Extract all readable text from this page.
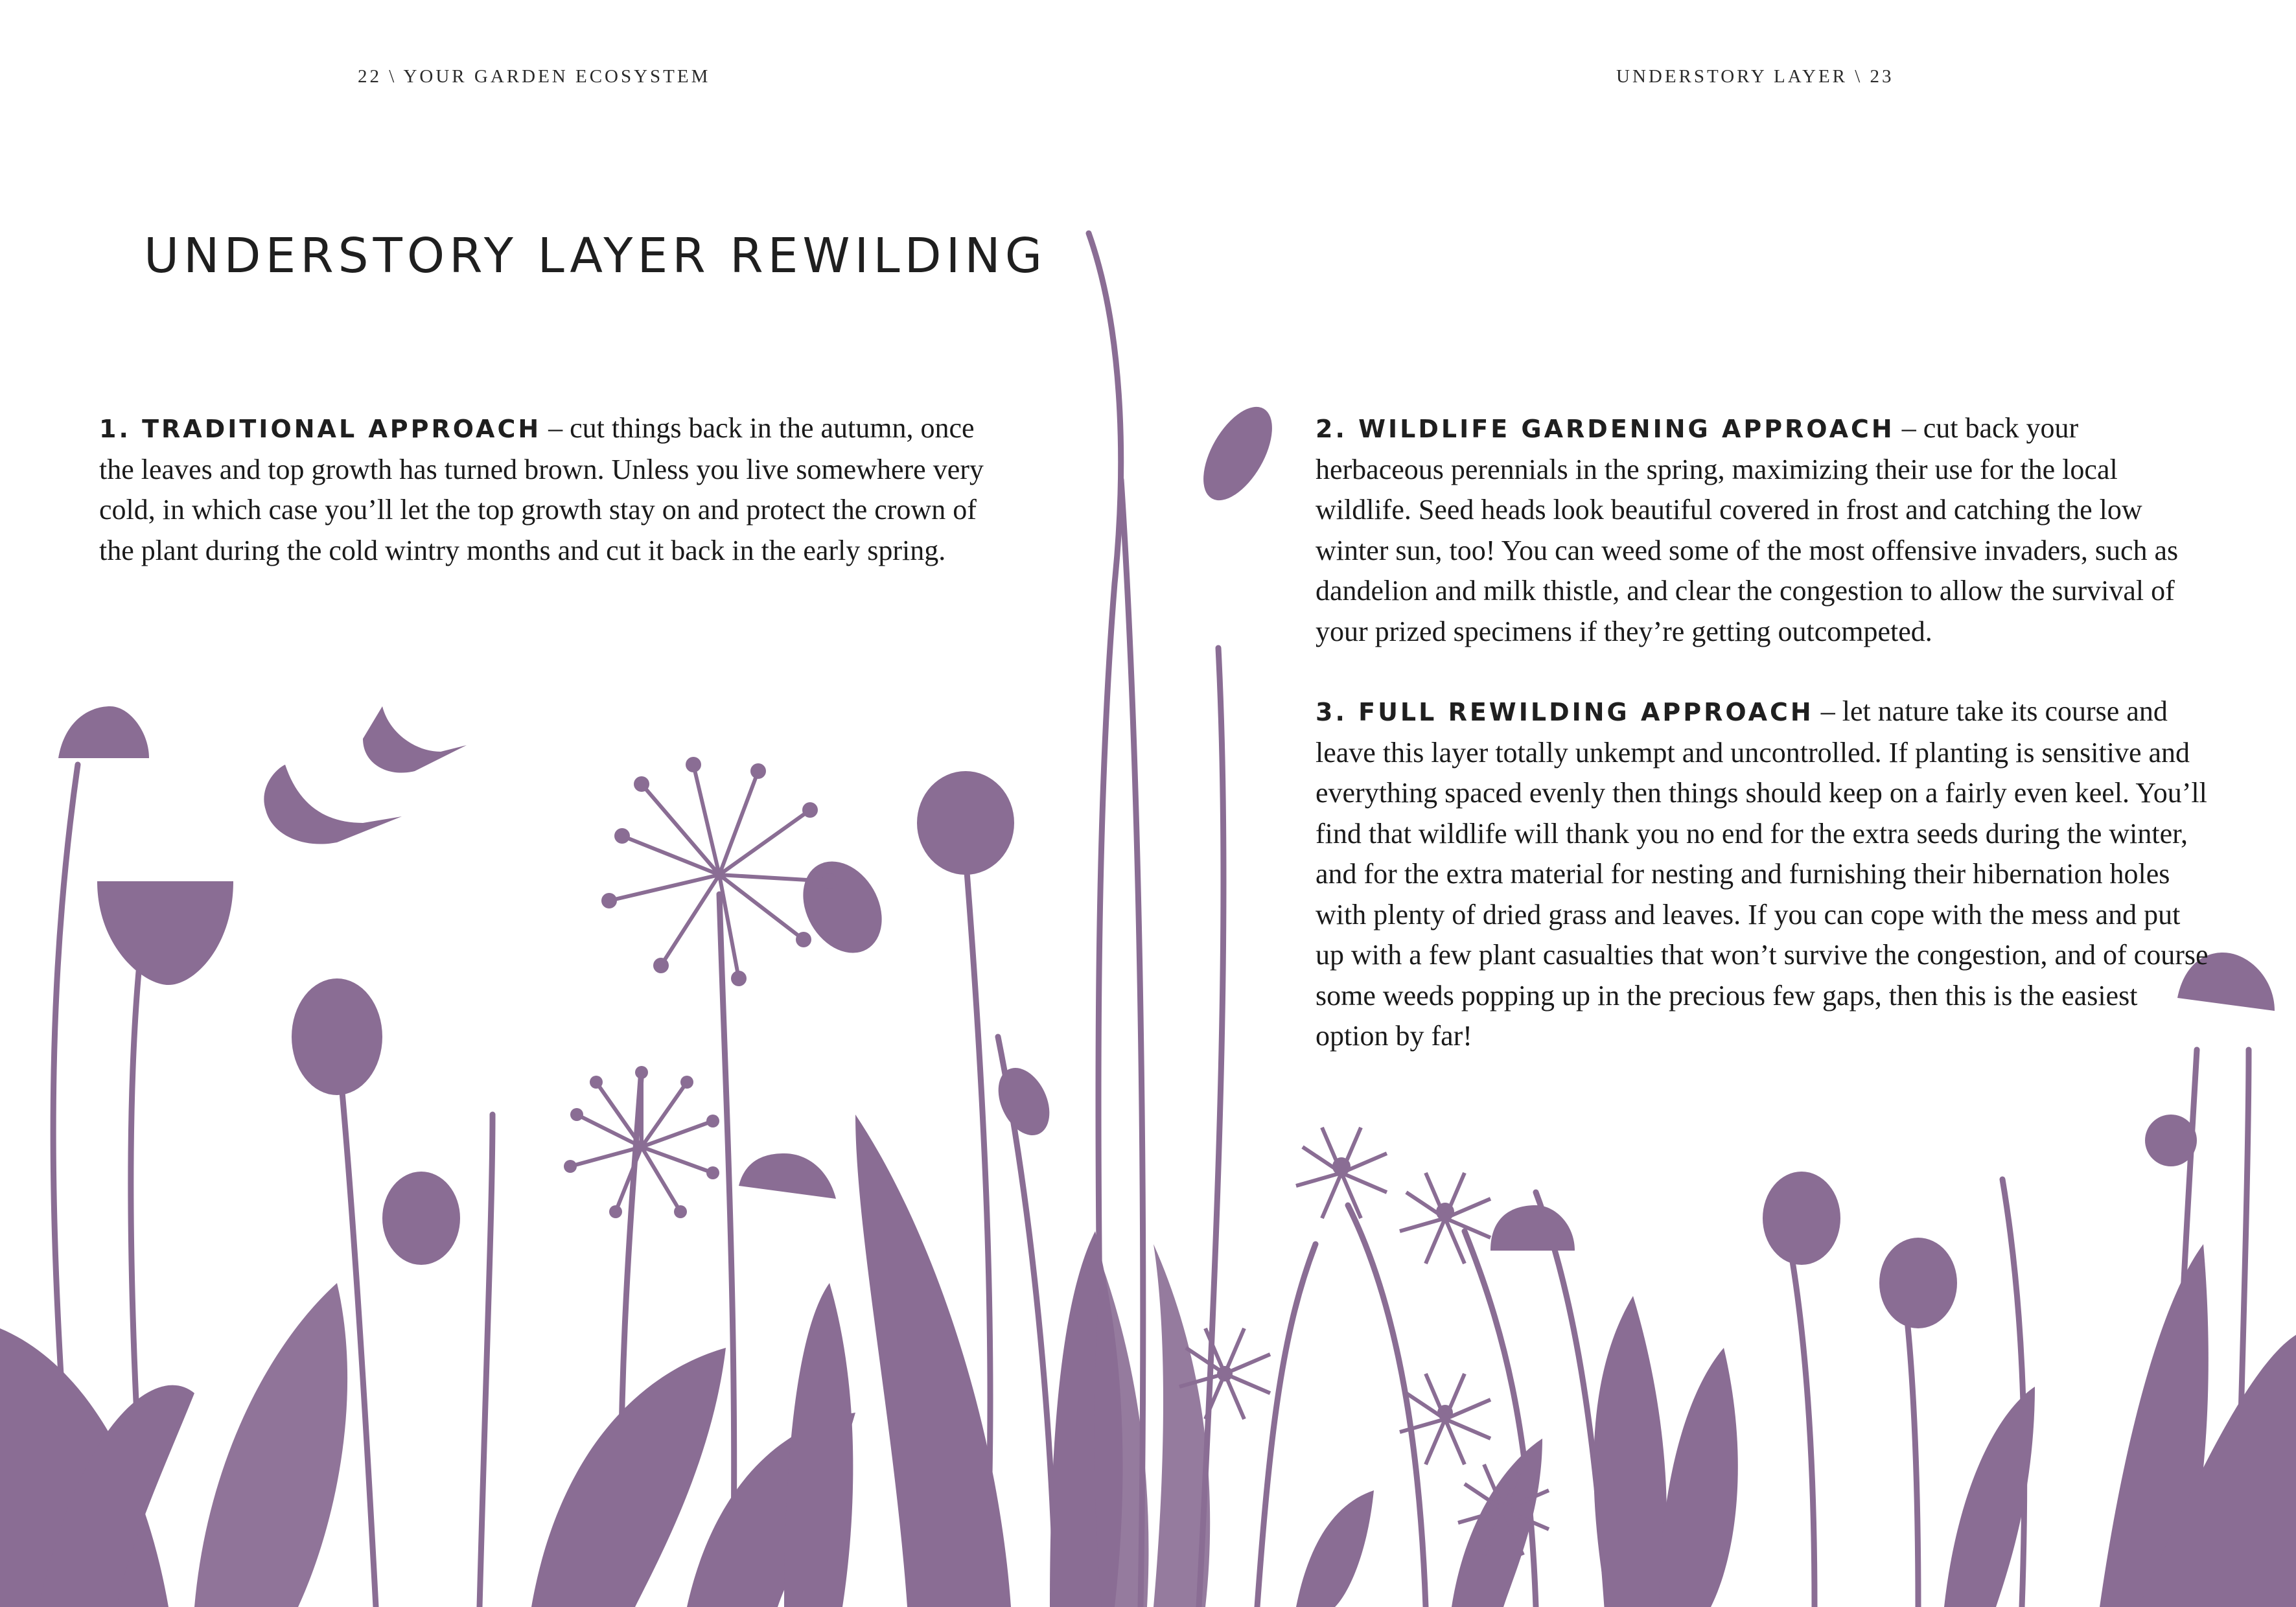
22 \ YOUR GARDEN ECOSYSTEM	UNDERSTORY LAYER \ 23
UNDERSTORY LAYER REWILDING

1. TRADITIONAL APPROACH – cut things back in the autumn, once the leaves and top growth has turned brown. Unless you live somewhere very cold, in which case you’ll let the top growth stay on and protect the crown of the plant during the cold wintry months and cut it back in the early spring.

2. WILDLIFE GARDENING APPROACH – cut back your herbaceous perennials in the spring, maximizing their use for the local wildlife. Seed heads look beautiful covered in frost and catching the low winter sun, too! You can weed some of the most offensive invaders, such as dandelion and milk thistle, and clear the congestion to allow the survival of your prized specimens if they’re getting outcompeted.

3. FULL REWILDING APPROACH – let nature take its course and leave this layer totally unkempt and uncontrolled. If planting is sensitive and everything spaced evenly then things should keep on a fairly even keel. You’ll find that wildlife will thank you no end for the extra seeds during the winter, and for the extra material for nesting and furnishing their hibernation holes with plenty of dried grass and leaves. If you can cope with the mess and put up with a few plant casualties that won’t survive the congestion, and of course some weeds popping up in the precious few gaps, then this is the easiest option by far!
